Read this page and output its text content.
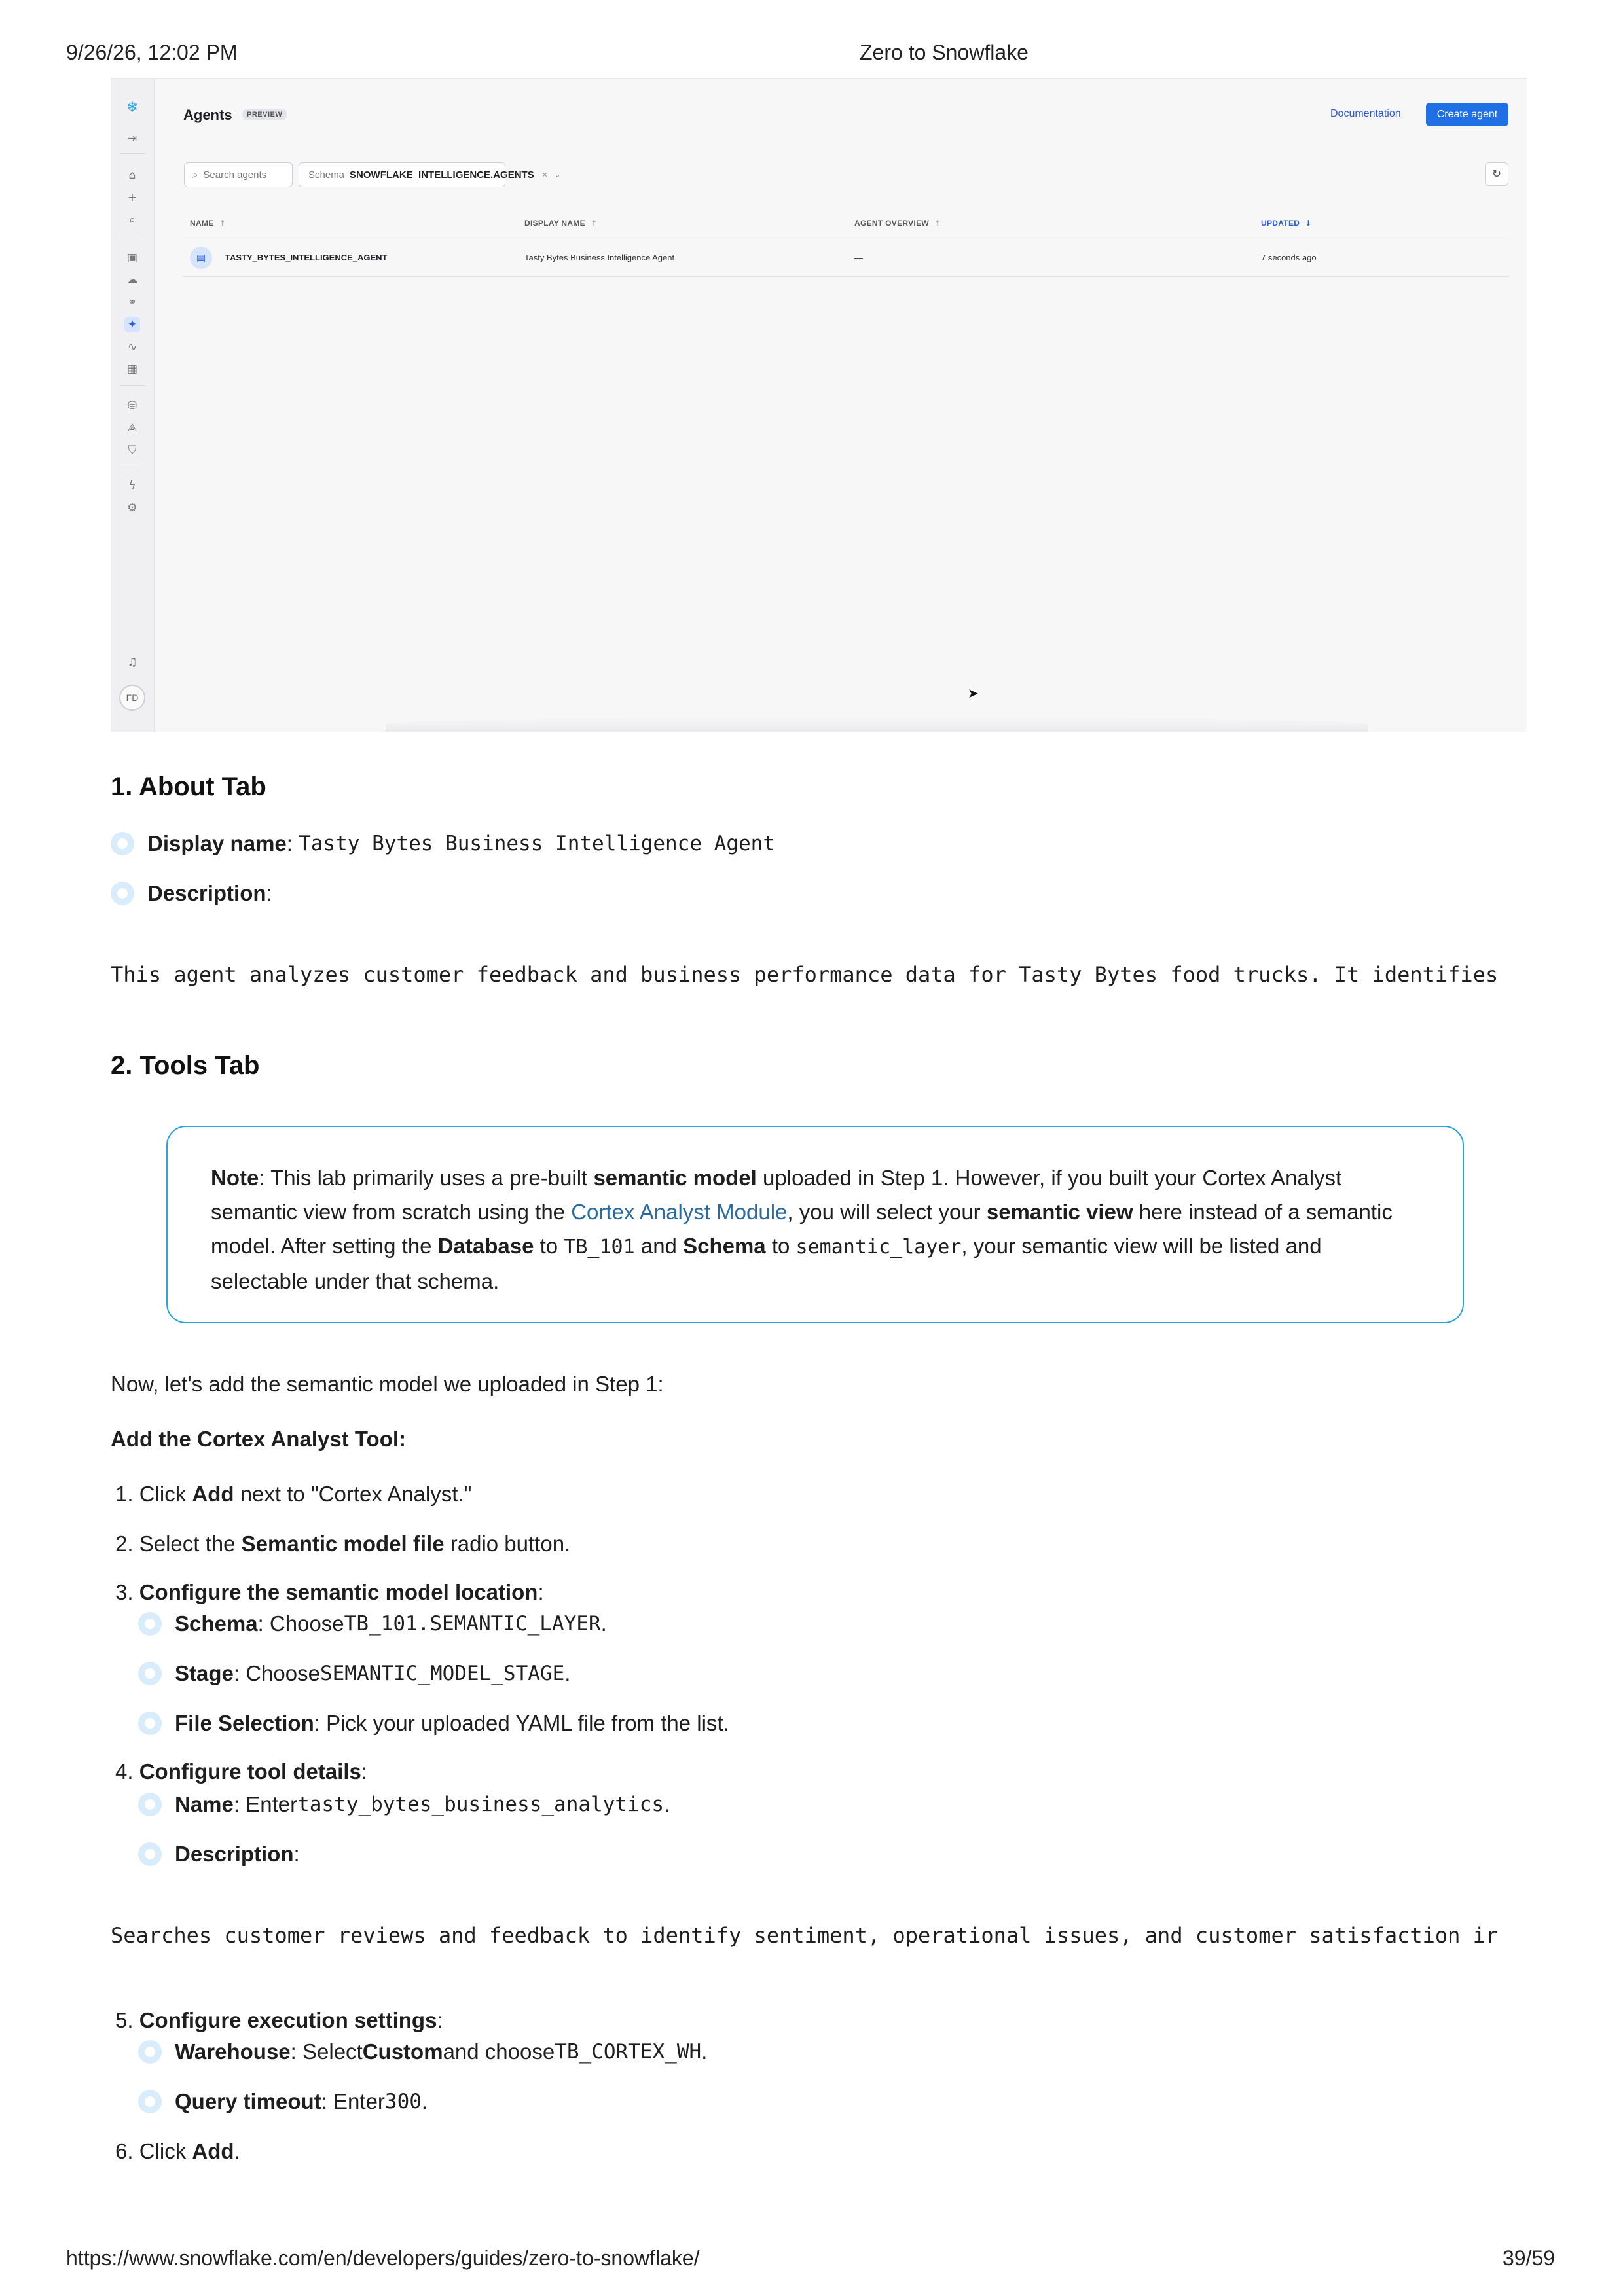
9/26/26, 12:02 PM	Zero to Snowflake
❄
⇥
⌂
+
⌕
▣
☁
⚭
✦
∿
▦
⛁
⟁
⛉
ϟ
⚙
♫
FD
Agents	PREVIEW	Documentation	Create agent
⌕ Search agents	Schema SNOWFLAKE_INTELLIGENCE.AGENTS × ⌄	↻
NAME ↑	DISPLAY NAME ↑	AGENT OVERVIEW ↑	UPDATED ↓
▤	TASTY_BYTES_INTELLIGENCE_AGENT	Tasty Bytes Business Intelligence Agent	—	7 seconds ago
➤
1. About Tab
Display name : Tasty Bytes Business Intelligence Agent
Description :
This agent analyzes customer feedback and business performance data for Tasty Bytes food trucks. It identifies
2. Tools Tab
Note: This lab primarily uses a pre-built semantic model uploaded in Step 1. However, if you built your Cortex Analyst semantic view from scratch using the Cortex Analyst Module, you will select your semantic view here instead of a semantic model. After setting the Database to TB_101 and Schema to semantic_layer, your semantic view will be listed and selectable under that schema.
Now, let's add the semantic model we uploaded in Step 1:
Add the Cortex Analyst Tool:
1. Click Add next to "Cortex Analyst."
2. Select the Semantic model file radio button.
3. Configure the semantic model location:
Schema : Choose TB_101.SEMANTIC_LAYER .
Stage : Choose SEMANTIC_MODEL_STAGE .
File Selection : Pick your uploaded YAML file from the list.
4. Configure tool details:
Name : Enter tasty_bytes_business_analytics .
Description :
Searches customer reviews and feedback to identify sentiment, operational issues, and customer satisfaction ir
5. Configure execution settings:
Warehouse : Select Custom and choose TB_CORTEX_WH .
Query timeout : Enter 300 .
6. Click Add.
https://www.snowflake.com/en/developers/guides/zero-to-snowflake/	39/59
